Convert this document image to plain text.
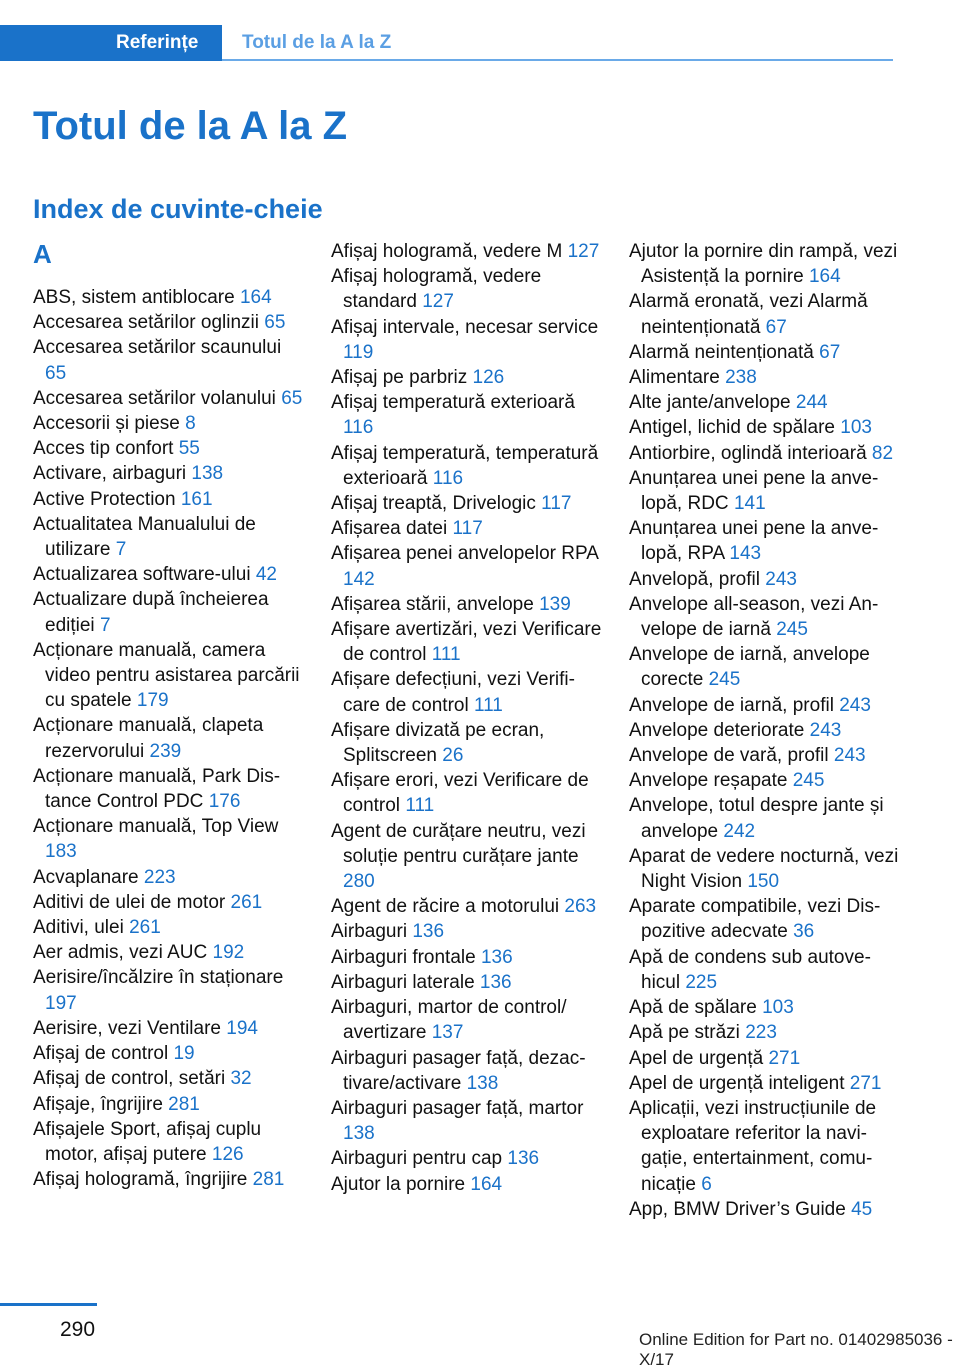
Referințe	Totul de la A la Z
Totul de la A la Z
Index de cuvinte-cheie
A
ABS, sistem antiblocare 164
Accesarea setărilor oglinzii 65
Accesarea setărilor scaunului 65
Accesarea setărilor volanului 65
Accesorii și piese 8
Acces tip confort 55
Activare, airbaguri 138
Active Protection 161
Actualitatea Manualului de utilizare 7
Actualizarea software-ului 42
Actualizare după încheierea ediției 7
Acționare manuală, camera video pentru asistarea parcării cu spatele 179
Acționare manuală, clapeta rezervorului 239
Acționare manuală, Park Distance Control PDC 176
Acționare manuală, Top View 183
Acvaplanare 223
Aditivi de ulei de motor 261
Aditivi, ulei 261
Aer admis, vezi AUC 192
Aerisire/încălzire în staționare 197
Aerisire, vezi Ventilare 194
Afișaj de control 19
Afișaj de control, setări 32
Afișaje, îngrijire 281
Afișajele Sport, afișaj cuplu motor, afișaj putere 126
Afișaj hologramă, îngrijire 281
Afișaj hologramă, vedere M 127
Afișaj hologramă, vedere standard 127
Afișaj intervale, necesar service 119
Afișaj pe parbriz 126
Afișaj temperatură exterioară 116
Afișaj temperatură, temperatură exterioară 116
Afișaj treaptă, Drivelogic 117
Afișarea datei 117
Afișarea penei anvelopelor RPA 142
Afișarea stării, anvelope 139
Afișare avertizări, vezi Verificare de control 111
Afișare defecțiuni, vezi Verificare de control 111
Afișare divizată pe ecran, Splitscreen 26
Afișare erori, vezi Verificare de control 111
Agent de curățare neutru, vezi soluție pentru curățare jante 280
Agent de răcire a motorului 263
Airbaguri 136
Airbaguri frontale 136
Airbaguri laterale 136
Airbaguri, martor de control/ avertizare 137
Airbaguri pasager față, dezactivare/activare 138
Airbaguri pasager față, martor 138
Airbaguri pentru cap 136
Ajutor la pornire 164
Ajutor la pornire din rampă, vezi Asistență la pornire 164
Alarmă eronată, vezi Alarmă neintenționată 67
Alarmă neintenționată 67
Alimentare 238
Alte jante/anvelope 244
Antigel, lichid de spălare 103
Antiorbire, oglindă interioară 82
Anunțarea unei pene la anvelopă, RDC 141
Anunțarea unei pene la anvelopă, RPA 143
Anvelopă, profil 243
Anvelope all-season, vezi Anvelope de iarnă 245
Anvelope de iarnă, anvelope corecte 245
Anvelope de iarnă, profil 243
Anvelope deteriorate 243
Anvelope de vară, profil 243
Anvelope reșapate 245
Anvelope, totul despre jante și anvelope 242
Aparat de vedere nocturnă, vezi Night Vision 150
Aparate compatibile, vezi Dispozitive adecvate 36
Apă de condens sub autovehicul 225
Apă de spălare 103
Apă pe străzi 223
Apel de urgență 271
Apel de urgență inteligent 271
Aplicații, vezi instrucțiunile de exploatare referitor la navigație, entertainment, comunicație 6
App, BMW Driver’s Guide 45
290	Online Edition for Part no. 01402985036 - X/17
